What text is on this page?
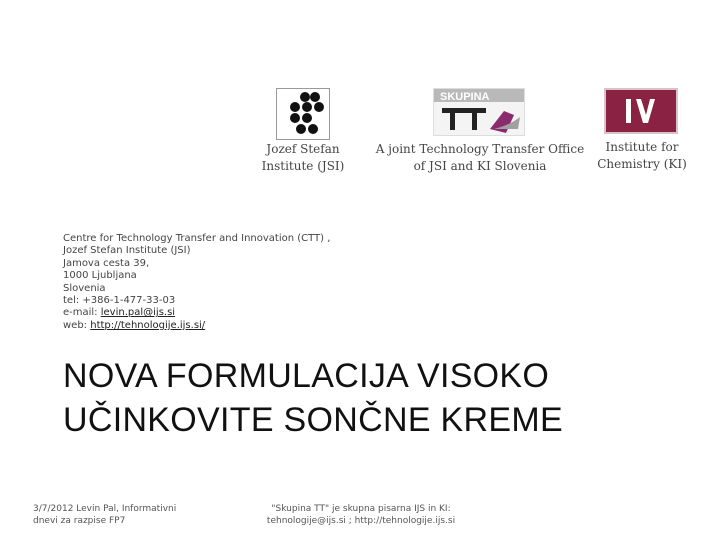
SKUPINA
Jozef Stefan
Institute (JSI)
A joint Technology Transfer Office
of JSI and KI Slovenia
Institute for
Chemistry (KI)
Centre for Technology Transfer and Innovation (CTT) ,
Jozef Stefan Institute (JSI)
Jamova cesta 39,
1000 Ljubljana
Slovenia
tel: +386-1-477-33-03
e-mail: levin.pal@ijs.si
web: http://tehnologije.ijs.si/
NOVA FORMULACIJA VISOKO
UČINKOVITE SONČNE KREME
3/7/2012 Levin Pal, Informativni
dnevi za razpise FP7
"Skupina TT" je skupna pisarna IJS in KI:
tehnologije@ijs.si ; http://tehnologije.ijs.si
